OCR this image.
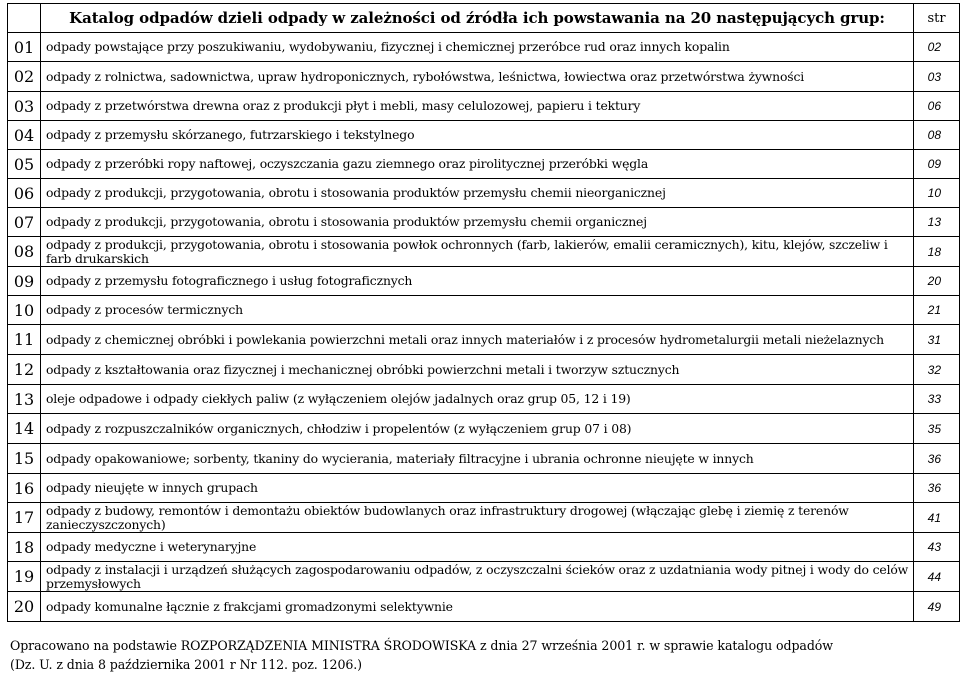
	Katalog odpadów dzieli odpady w zależności od źródła ich powstawania na 20 następujących grup:	str
01	odpady powstające przy poszukiwaniu, wydobywaniu, fizycznej i chemicznej przeróbce rud oraz innych kopalin	02
02	odpady z rolnictwa, sadownictwa, upraw hydroponicznych, rybołówstwa, leśnictwa, łowiectwa oraz przetwórstwa żywności	03
03	odpady z przetwórstwa drewna oraz z produkcji płyt i mebli, masy celulozowej, papieru i tektury	06
04	odpady z przemysłu skórzanego, futrzarskiego i tekstylnego	08
05	odpady z przeróbki ropy naftowej, oczyszczania gazu ziemnego oraz pirolitycznej przeróbki węgla	09
06	odpady z produkcji, przygotowania, obrotu i stosowania produktów przemysłu chemii nieorganicznej	10
07	odpady z produkcji, przygotowania, obrotu i stosowania produktów przemysłu chemii organicznej	13
08	odpady z produkcji, przygotowania, obrotu i stosowania powłok ochronnych (farb, lakierów, emalii ceramicznych), kitu, klejów, szczeliw i farb drukarskich	18
09	odpady z przemysłu fotograficznego i usług fotograficznych	20
10	odpady z procesów termicznych	21
11	odpady z chemicznej obróbki i powlekania powierzchni metali oraz innych materiałów i z procesów hydrometalurgii metali nieżelaznych	31
12	odpady z kształtowania oraz fizycznej i mechanicznej obróbki powierzchni metali i tworzyw sztucznych	32
13	oleje odpadowe i odpady ciekłych paliw (z wyłączeniem olejów jadalnych oraz grup 05, 12 i 19)	33
14	odpady z rozpuszczalników organicznych, chłodziw i propelentów (z wyłączeniem grup 07 i 08)	35
15	odpady opakowaniowe; sorbenty, tkaniny do wycierania, materiały filtracyjne i ubrania ochronne nieujęte w innych	36
16	odpady nieujęte w innych grupach	36
17	odpady z budowy, remontów i demontażu obiektów budowlanych oraz infrastruktury drogowej (włączając glebę i ziemię z terenów zanieczyszczonych)	41
18	odpady medyczne i weterynaryjne	43
19	odpady z instalacji i urządzeń służących zagospodarowaniu odpadów, z oczyszczalni ścieków oraz z uzdatniania wody pitnej i wody do celów przemysłowych	44
20	odpady komunalne łącznie z frakcjami gromadzonymi selektywnie	49
Opracowano na podstawie ROZPORZĄDZENIA MINISTRA ŚRODOWISKA z dnia 27 września 2001 r. w sprawie katalogu odpadów
(Dz. U. z dnia 8 października 2001 r Nr 112. poz. 1206.)
